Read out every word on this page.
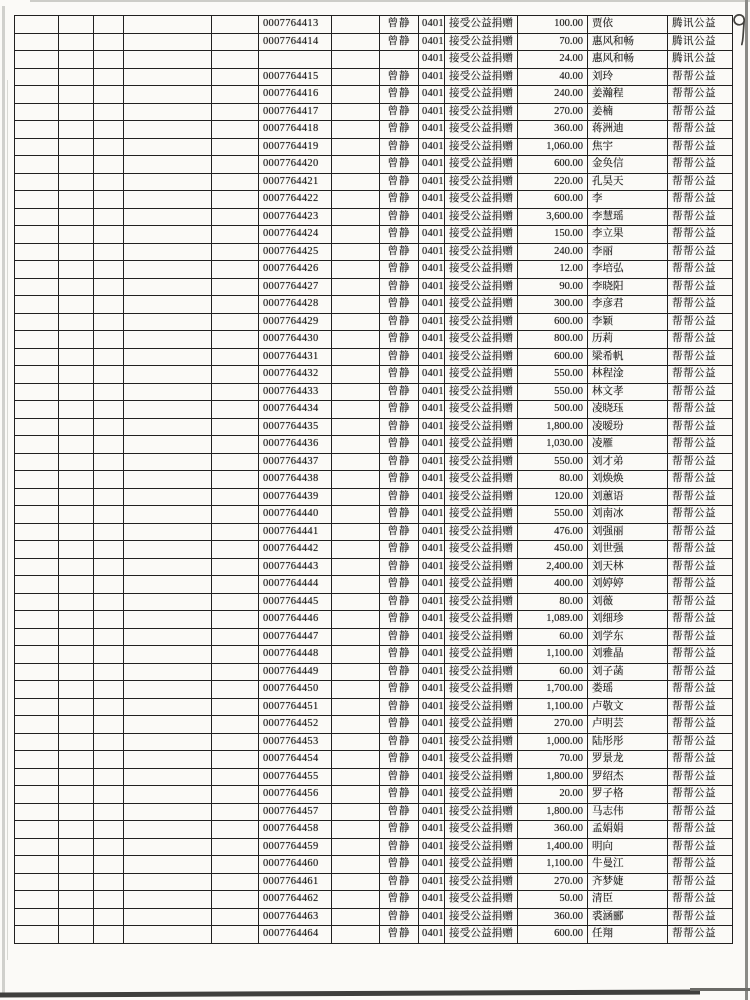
					0007764413		曾静	0401	接受公益捐赠	100.00	贾依	腾讯公益
					0007764414		曾静	0401	接受公益捐赠	70.00	惠风和畅	腾讯公益
								0401	接受公益捐赠	24.00	惠风和畅	腾讯公益
					0007764415		曾静	0401	接受公益捐赠	40.00	刘玲	帮帮公益
					0007764416		曾静	0401	接受公益捐赠	240.00	姜瀚程	帮帮公益
					0007764417		曾静	0401	接受公益捐赠	270.00	姜楠	帮帮公益
					0007764418		曾静	0401	接受公益捐赠	360.00	蒋洲迪	帮帮公益
					0007764419		曾静	0401	接受公益捐赠	1,060.00	焦宇	帮帮公益
					0007764420		曾静	0401	接受公益捐赠	600.00	金奂信	帮帮公益
					0007764421		曾静	0401	接受公益捐赠	220.00	孔昊天	帮帮公益
					0007764422		曾静	0401	接受公益捐赠	600.00	李	帮帮公益
					0007764423		曾静	0401	接受公益捐赠	3,600.00	李慧瑶	帮帮公益
					0007764424		曾静	0401	接受公益捐赠	150.00	李立果	帮帮公益
					0007764425		曾静	0401	接受公益捐赠	240.00	李丽	帮帮公益
					0007764426		曾静	0401	接受公益捐赠	12.00	李培弘	帮帮公益
					0007764427		曾静	0401	接受公益捐赠	90.00	李晓阳	帮帮公益
					0007764428		曾静	0401	接受公益捐赠	300.00	李彦君	帮帮公益
					0007764429		曾静	0401	接受公益捐赠	600.00	李颖	帮帮公益
					0007764430		曾静	0401	接受公益捐赠	800.00	历莉	帮帮公益
					0007764431		曾静	0401	接受公益捐赠	600.00	梁希帆	帮帮公益
					0007764432		曾静	0401	接受公益捐赠	550.00	林程淦	帮帮公益
					0007764433		曾静	0401	接受公益捐赠	550.00	林文孝	帮帮公益
					0007764434		曾静	0401	接受公益捐赠	500.00	凌晓珏	帮帮公益
					0007764435		曾静	0401	接受公益捐赠	1,800.00	凌暧玢	帮帮公益
					0007764436		曾静	0401	接受公益捐赠	1,030.00	凌雁	帮帮公益
					0007764437		曾静	0401	接受公益捐赠	550.00	刘才弟	帮帮公益
					0007764438		曾静	0401	接受公益捐赠	80.00	刘焕焕	帮帮公益
					0007764439		曾静	0401	接受公益捐赠	120.00	刘蕙语	帮帮公益
					0007764440		曾静	0401	接受公益捐赠	550.00	刘南冰	帮帮公益
					0007764441		曾静	0401	接受公益捐赠	476.00	刘强丽	帮帮公益
					0007764442		曾静	0401	接受公益捐赠	450.00	刘世强	帮帮公益
					0007764443		曾静	0401	接受公益捐赠	2,400.00	刘天林	帮帮公益
					0007764444		曾静	0401	接受公益捐赠	400.00	刘婷婷	帮帮公益
					0007764445		曾静	0401	接受公益捐赠	80.00	刘薇	帮帮公益
					0007764446		曾静	0401	接受公益捐赠	1,089.00	刘细珍	帮帮公益
					0007764447		曾静	0401	接受公益捐赠	60.00	刘学东	帮帮公益
					0007764448		曾静	0401	接受公益捐赠	1,100.00	刘雅晶	帮帮公益
					0007764449		曾静	0401	接受公益捐赠	60.00	刘子菡	帮帮公益
					0007764450		曾静	0401	接受公益捐赠	1,700.00	娄瑶	帮帮公益
					0007764451		曾静	0401	接受公益捐赠	1,100.00	卢敬文	帮帮公益
					0007764452		曾静	0401	接受公益捐赠	270.00	卢明芸	帮帮公益
					0007764453		曾静	0401	接受公益捐赠	1,000.00	陆彤彤	帮帮公益
					0007764454		曾静	0401	接受公益捐赠	70.00	罗景龙	帮帮公益
					0007764455		曾静	0401	接受公益捐赠	1,800.00	罗绍杰	帮帮公益
					0007764456		曾静	0401	接受公益捐赠	20.00	罗子格	帮帮公益
					0007764457		曾静	0401	接受公益捐赠	1,800.00	马志伟	帮帮公益
					0007764458		曾静	0401	接受公益捐赠	360.00	孟娟娟	帮帮公益
					0007764459		曾静	0401	接受公益捐赠	1,400.00	明向	帮帮公益
					0007764460		曾静	0401	接受公益捐赠	1,100.00	牛曼江	帮帮公益
					0007764461		曾静	0401	接受公益捐赠	270.00	齐梦婕	帮帮公益
					0007764462		曾静	0401	接受公益捐赠	50.00	清臣	帮帮公益
					0007764463		曾静	0401	接受公益捐赠	360.00	裘涵郦	帮帮公益
					0007764464		曾静	0401	接受公益捐赠	600.00	任翔	帮帮公益
